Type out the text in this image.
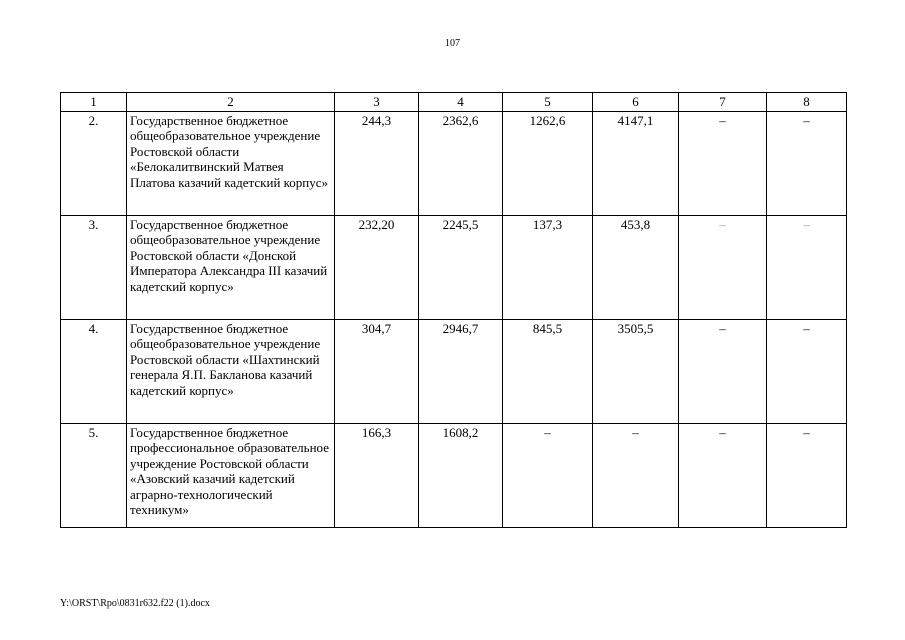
107
1	2	3	4	5	6	7	8
2.	Государственное бюджетное общеобразовательное учреждение Ростовской области «Белокалитвинский Матвея Платова казачий кадетский корпус»	244,3	2362,6	1262,6	4147,1	–	–
3.	Государственное бюджетное общеобразовательное учреждение Ростовской области «Донской Императора Александра III казачий кадетский корпус»	232,20	2245,5	137,3	453,8	–	–
4.	Государственное бюджетное общеобразовательное учреждение Ростовской области «Шахтинский генерала Я.П. Бакланова казачий кадетский корпус»	304,7	2946,7	845,5	3505,5	–	–
5.	Государственное бюджетное профессиональное образовательное учреждение Ростовской области «Азовский казачий кадетский аграрно-технологический техникум»	166,3	1608,2	–	–	–	–
Y:\ORST\Rpo\0831r632.f22 (1).docx
